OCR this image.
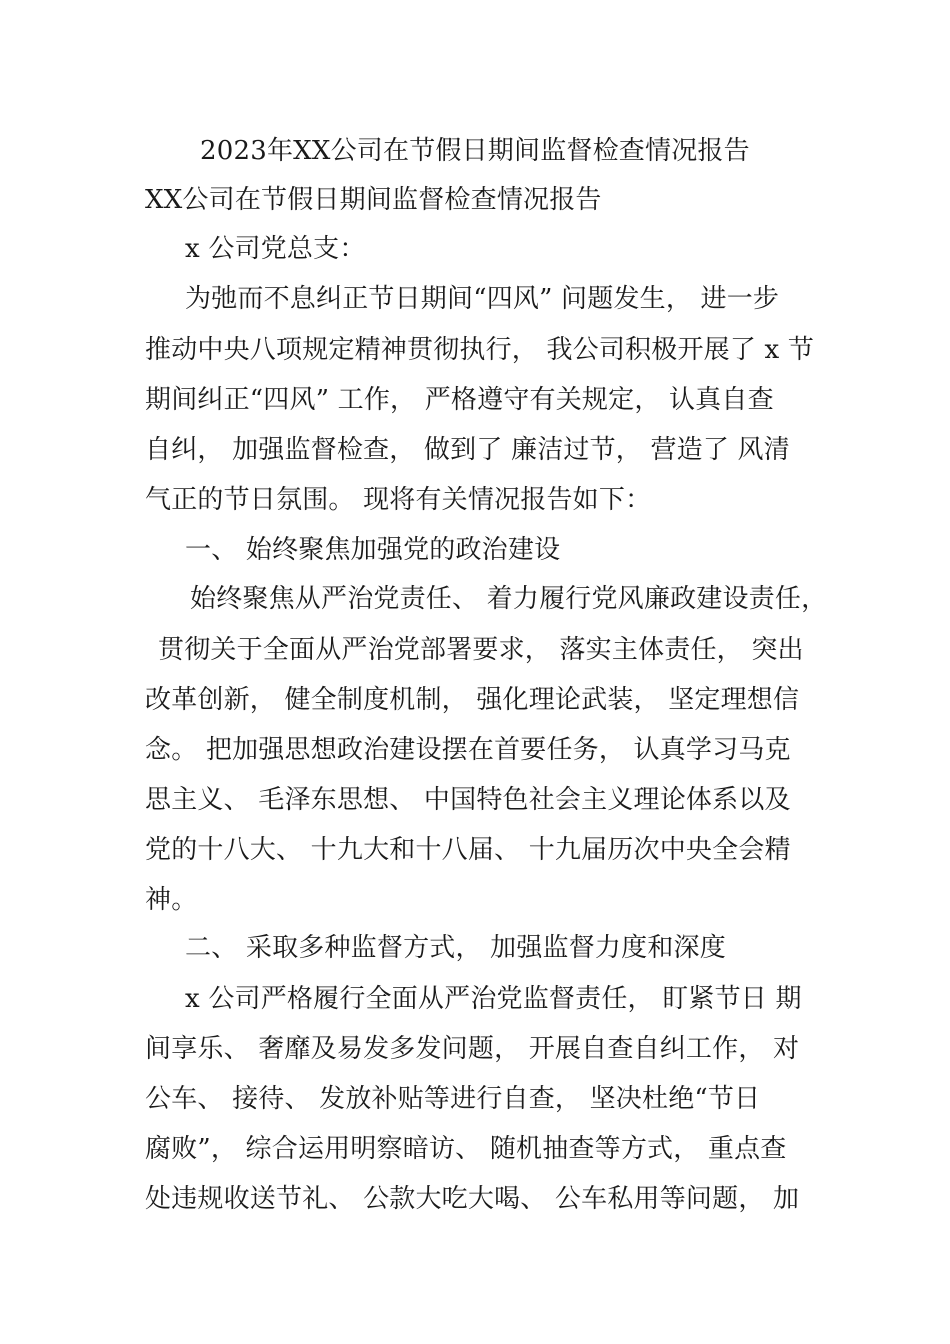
2023年XX公司在节假日期间监督检查情况报告
XX公司在节假日期间监督检查情况报告
x 公司党总支：
为弛而不息纠正节日期间“四风” 问题发生， 进一步
推动中央八项规定精神贯彻执行， 我公司积极开展了 x 节
期间纠正“四风” 工作， 严格遵守有关规定， 认真自查
自纠， 加强监督检查， 做到了 廉洁过节， 营造了 风清
气正的节日氛围。 现将有关情况报告如下：
一、 始终聚焦加强党的政治建设
始终聚焦从严治党责任、 着力履行党风廉政建设责任，
贯彻关于全面从严治党部署要求， 落实主体责任， 突出
改革创新， 健全制度机制， 强化理论武装， 坚定理想信
念。 把加强思想政治建设摆在首要任务， 认真学习马克
思主义、 毛泽东思想、 中国特色社会主义理论体系以及
党的十八大、 十九大和十八届、 十九届历次中央全会精
神。
二、 采取多种监督方式， 加强监督力度和深度
x 公司严格履行全面从严治党监督责任， 盯紧节日 期
间享乐、 奢靡及易发多发问题， 开展自查自纠工作， 对
公车、 接待、 发放补贴等进行自查， 坚决杜绝“节日
腐败”， 综合运用明察暗访、 随机抽查等方式， 重点查
处违规收送节礼、 公款大吃大喝、 公车私用等问题， 加
